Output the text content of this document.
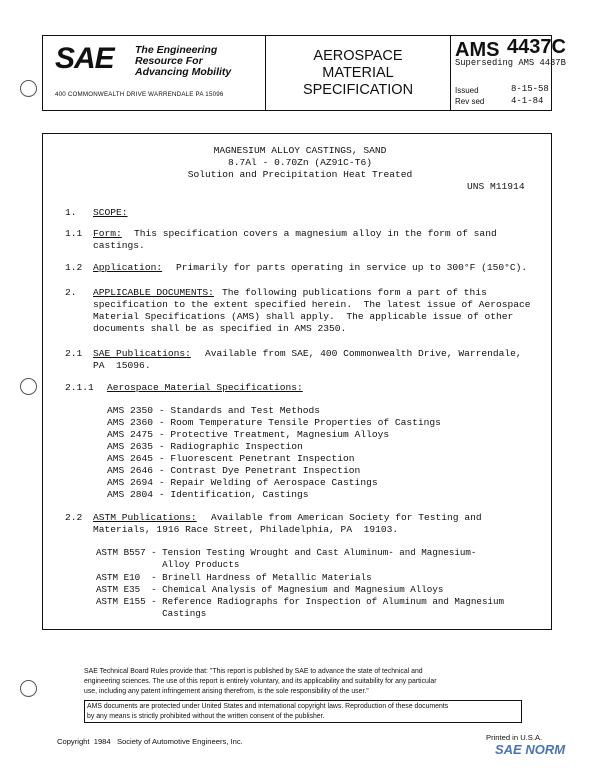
SAE The Engineering
Resource For
Advancing Mobility
400 COMMONWEALTH DRIVE WARRENDALE PA 15096
AEROSPACE
MATERIAL
SPECIFICATION
AMS 4437C
Superseding AMS 4437B
Issued	8-15-58
Rev sed	4-1-84
MAGNESIUM ALLOY CASTINGS, SAND
8.7Al - 0.70Zn (AZ91C-T6)
Solution and Precipitation Heat Treated
UNS M11914
1. SCOPE:
1.1 Form: This specification covers a magnesium alloy in the form of sand
castings.
1.2 Application: Primarily for parts operating in service up to 300°F (150°C).
2. APPLICABLE DOCUMENTS: The following publications form a part of this
specification to the extent specified herein.  The latest issue of Aerospace
Material Specifications (AMS) shall apply.  The applicable issue of other
documents shall be as specified in AMS 2350.
2.1 SAE Publications: Available from SAE, 400 Commonwealth Drive, Warrendale,
PA  15096.
2.1.1 Aerospace Material Specifications:
AMS 2350 - Standards and Test Methods
AMS 2360 - Room Temperature Tensile Properties of Castings
AMS 2475 - Protective Treatment, Magnesium Alloys
AMS 2635 - Radiographic Inspection
AMS 2645 - Fluorescent Penetrant Inspection
AMS 2646 - Contrast Dye Penetrant Inspection
AMS 2694 - Repair Welding of Aerospace Castings
AMS 2804 - Identification, Castings
2.2 ASTM Publications: Available from American Society for Testing and
Materials, 1916 Race Street, Philadelphia, PA  19103.
ASTM B557 - Tension Testing Wrought and Cast Aluminum- and Magnesium-
Alloy Products
ASTM E10  - Brinell Hardness of Metallic Materials
ASTM E35  - Chemical Analysis of Magnesium and Magnesium Alloys
ASTM E155 - Reference Radiographs for Inspection of Aluminum and Magnesium
Castings
SAE Technical Board Rules provide that: "This report is published by SAE to advance the state of technical and
engineering sciences. The use of this report is entirely voluntary, and its applicability and suitability for any particular
use, including any patent infringement arising therefrom, is the sole responsibility of the user."
AMS documents are protected under United States and international copyright laws. Reproduction of these documents
by any means is strictly prohibited without the written consent of the publisher.
Copyright  1984   Society of Automotive Engineers, Inc.	Printed in U.S.A.
SAE NORM
